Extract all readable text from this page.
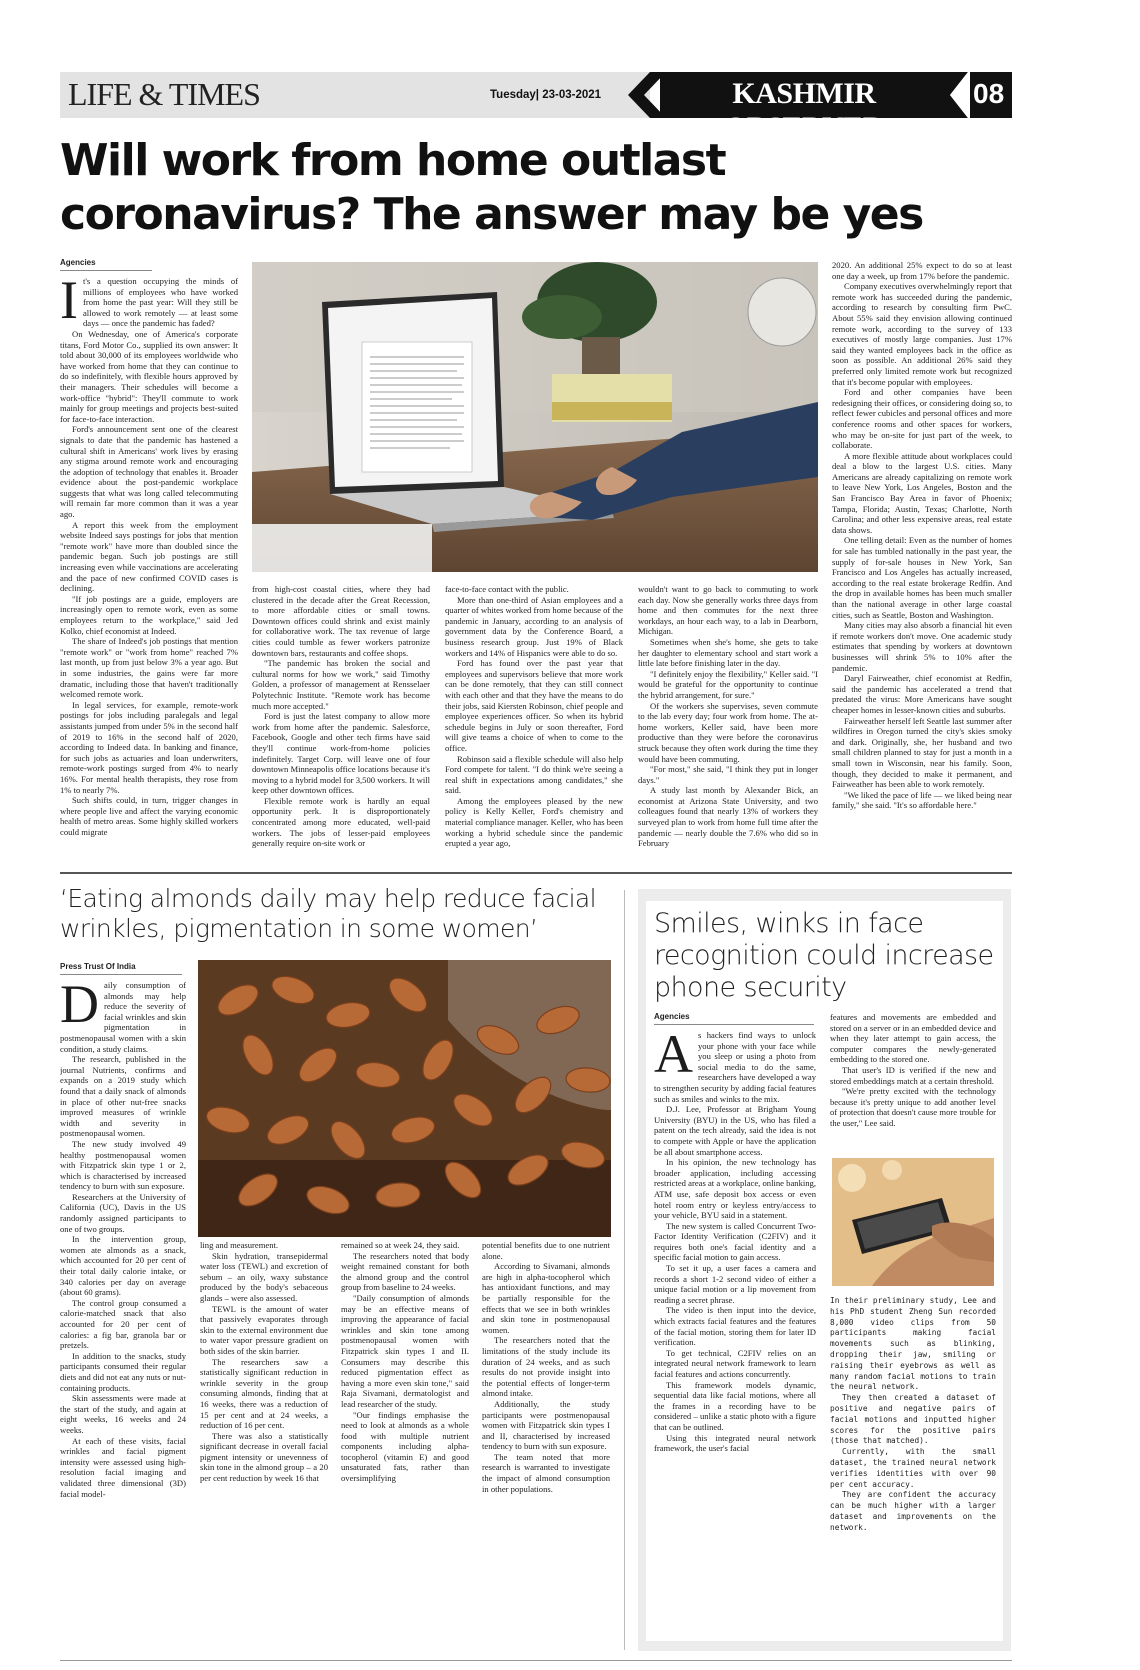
LIFE & TIMES	Tuesday| 23-03-2021	KASHMIR OBSERVER
08
Will work from home outlast
coronavirus? The answer may be yes
Agencies
I t's a question occupying the minds of millions of employees who have worked from home the past year: Will they still be allowed to work remotely — at least some days — once the pandemic has faded?

On Wednesday, one of America's corporate titans, Ford Motor Co., supplied its own answer: It told about 30,000 of its employees worldwide who have worked from home that they can continue to do so indefinitely, with flexible hours approved by their managers. Their schedules will become a work-office "hybrid": They'll commute to work mainly for group meetings and projects best-suited for face-to-face interaction.

Ford's announcement sent one of the clearest signals to date that the pandemic has hastened a cultural shift in Americans' work lives by erasing any stigma around remote work and encouraging the adoption of technology that enables it. Broader evidence about the post-pandemic workplace suggests that what was long called telecommuting will remain far more common than it was a year ago.

A report this week from the employment website Indeed says postings for jobs that mention "remote work" have more than doubled since the pandemic began. Such job postings are still increasing even while vaccinations are accelerating and the pace of new confirmed COVID cases is declining.

"If job postings are a guide, employers are increasingly open to remote work, even as some employees return to the workplace," said Jed Kolko, chief economist at Indeed.

The share of Indeed's job postings that mention "remote work" or "work from home" reached 7% last month, up from just below 3% a year ago. But in some industries, the gains were far more dramatic, including those that haven't traditionally welcomed remote work.

In legal services, for example, remote-work postings for jobs including paralegals and legal assistants jumped from under 5% in the second half of 2019 to 16% in the second half of 2020, according to Indeed data. In banking and finance, for such jobs as actuaries and loan underwriters, remote-work postings surged from 4% to nearly 16%. For mental health therapists, they rose from 1% to nearly 7%.

Such shifts could, in turn, trigger changes in where people live and affect the varying economic health of metro areas. Some highly skilled workers could migrate

from high-cost coastal cities, where they had clustered in the decade after the Great Recession, to more affordable cities or small towns. Downtown offices could shrink and exist mainly for collaborative work. The tax revenue of large cities could tumble as fewer workers patronize downtown bars, restaurants and coffee shops.

"The pandemic has broken the social and cultural norms for how we work," said Timothy Golden, a professor of management at Rensselaer Polytechnic Institute. "Remote work has become much more accepted."

Ford is just the latest company to allow more work from home after the pandemic. Salesforce, Facebook, Google and other tech firms have said they'll continue work-from-home policies indefinitely. Target Corp. will leave one of four downtown Minneapolis office locations because it's moving to a hybrid model for 3,500 workers. It will keep other downtown offices.

Flexible remote work is hardly an equal opportunity perk. It is disproportionately concentrated among more educated, well-paid workers. The jobs of lesser-paid employees generally require on-site work or

face-to-face contact with the public.

More than one-third of Asian employees and a quarter of whites worked from home because of the pandemic in January, according to an analysis of government data by the Conference Board, a business research group. Just 19% of Black workers and 14% of Hispanics were able to do so.

Ford has found over the past year that employees and supervisors believe that more work can be done remotely, that they can still connect with each other and that they have the means to do their jobs, said Kiersten Robinson, chief people and employee experiences officer. So when its hybrid schedule begins in July or soon thereafter, Ford will give teams a choice of when to come to the office.

Robinson said a flexible schedule will also help Ford compete for talent. "I do think we're seeing a real shift in expectations among candidates," she said.

Among the employees pleased by the new policy is Kelly Keller, Ford's chemistry and material compliance manager. Keller, who has been working a hybrid schedule since the pandemic erupted a year ago,

wouldn't want to go back to commuting to work each day. Now she generally works three days from home and then commutes for the next three workdays, an hour each way, to a lab in Dearborn, Michigan.

Sometimes when she's home, she gets to take her daughter to elementary school and start work a little late before finishing later in the day.

"I definitely enjoy the flexibility," Keller said. "I would be grateful for the opportunity to continue the hybrid arrangement, for sure."

Of the workers she supervises, seven commute to the lab every day; four work from home. The at-home workers, Keller said, have been more productive than they were before the coronavirus struck because they often work during the time they would have been commuting.

"For most," she said, "I think they put in longer days."

A study last month by Alexander Bick, an economist at Arizona State University, and two colleagues found that nearly 13% of workers they surveyed plan to work from home full time after the pandemic — nearly double the 7.6% who did so in February

2020. An additional 25% expect to do so at least one day a week, up from 17% before the pandemic.

Company executives overwhelmingly report that remote work has succeeded during the pandemic, according to research by consulting firm PwC. About 55% said they envision allowing continued remote work, according to the survey of 133 executives of mostly large companies. Just 17% said they wanted employees back in the office as soon as possible. An additional 26% said they preferred only limited remote work but recognized that it's become popular with employees.

Ford and other companies have been redesigning their offices, or considering doing so, to reflect fewer cubicles and personal offices and more conference rooms and other spaces for workers, who may be on-site for just part of the week, to collaborate.

A more flexible attitude about workplaces could deal a blow to the largest U.S. cities. Many Americans are already capitalizing on remote work to leave New York, Los Angeles, Boston and the San Francisco Bay Area in favor of Phoenix; Tampa, Florida; Austin, Texas; Charlotte, North Carolina; and other less expensive areas, real estate data shows.

One telling detail: Even as the number of homes for sale has tumbled nationally in the past year, the supply of for-sale houses in New York, San Francisco and Los Angeles has actually increased, according to the real estate brokerage Redfin. And the drop in available homes has been much smaller than the national average in other large coastal cities, such as Seattle, Boston and Washington.

Many cities may also absorb a financial hit even if remote workers don't move. One academic study estimates that spending by workers at downtown businesses will shrink 5% to 10% after the pandemic.

Daryl Fairweather, chief economist at Redfin, said the pandemic has accelerated a trend that predated the virus: More Americans have sought cheaper homes in lesser-known cities and suburbs.

Fairweather herself left Seattle last summer after wildfires in Oregon turned the city's skies smoky and dark. Originally, she, her husband and two small children planned to stay for just a month in a small town in Wisconsin, near his family. Soon, though, they decided to make it permanent, and Fairweather has been able to work remotely.

"We liked the pace of life — we liked being near family," she said. "It's so affordable here."

‘Eating almonds daily may help reduce facial
wrinkles, pigmentation in some women’
Press Trust Of India
D aily consumption of almonds may help reduce the severity of facial wrinkles and skin pigmentation in postmenopausal women with a skin condition, a study claims.

The research, published in the journal Nutrients, confirms and expands on a 2019 study which found that a daily snack of almonds in place of other nut-free snacks improved measures of wrinkle width and severity in postmenopausal women.

The new study involved 49 healthy postmenopausal women with Fitzpatrick skin type 1 or 2, which is characterised by increased tendency to burn with sun exposure.

Researchers at the University of California (UC), Davis in the US randomly assigned participants to one of two groups.

In the intervention group, women ate almonds as a snack, which accounted for 20 per cent of their total daily calorie intake, or 340 calories per day on average (about 60 grams).

The control group consumed a calorie-matched snack that also accounted for 20 per cent of calories: a fig bar, granola bar or pretzels.

In addition to the snacks, study participants consumed their regular diets and did not eat any nuts or nut-containing products.

Skin assessments were made at the start of the study, and again at eight weeks, 16 weeks and 24 weeks.

At each of these visits, facial wrinkles and facial pigment intensity were assessed using high-resolution facial imaging and validated three dimensional (3D) facial model-

ling and measurement.

Skin hydration, transepidermal water loss (TEWL) and excretion of sebum – an oily, waxy substance produced by the body's sebaceous glands – were also assessed.

TEWL is the amount of water that passively evaporates through skin to the external environment due to water vapor pressure gradient on both sides of the skin barrier.

The researchers saw a statistically significant reduction in wrinkle severity in the group consuming almonds, finding that at 16 weeks, there was a reduction of 15 per cent and at 24 weeks, a reduction of 16 per cent.

There was also a statistically significant decrease in overall facial pigment intensity or unevenness of skin tone in the almond group – a 20 per cent reduction by week 16 that

remained so at week 24, they said.

The researchers noted that body weight remained constant for both the almond group and the control group from baseline to 24 weeks.

"Daily consumption of almonds may be an effective means of improving the appearance of facial wrinkles and skin tone among postmenopausal women with Fitzpatrick skin types I and II. Consumers may describe this reduced pigmentation effect as having a more even skin tone," said Raja Sivamani, dermatologist and lead researcher of the study.

"Our findings emphasise the need to look at almonds as a whole food with multiple nutrient components including alpha-tocopherol (vitamin E) and good unsaturated fats, rather than oversimplifying

potential benefits due to one nutrient alone.

According to Sivamani, almonds are high in alpha-tocopherol which has antioxidant functions, and may be partially responsible for the effects that we see in both wrinkles and skin tone in postmenopausal women.

The researchers noted that the limitations of the study include its duration of 24 weeks, and as such results do not provide insight into the potential effects of longer-term almond intake.

Additionally, the study participants were postmenopausal women with Fitzpatrick skin types I and II, characterised by increased tendency to burn with sun exposure.

The team noted that more research is warranted to investigate the impact of almond consumption in other populations.

Smiles, winks in face
recognition could increase
phone security
Agencies
A s hackers find ways to unlock your phone with your face while you sleep or using a photo from social media to do the same, researchers have developed a way to strengthen security by adding facial features such as smiles and winks to the mix.

D.J. Lee, Professor at Brigham Young University (BYU) in the US, who has filed a patent on the tech already, said the idea is not to compete with Apple or have the application be all about smartphone access.

In his opinion, the new technology has broader application, including accessing restricted areas at a workplace, online banking, ATM use, safe deposit box access or even hotel room entry or keyless entry/access to your vehicle, BYU said in a statement.

The new system is called Concurrent Two-Factor Identity Verification (C2FIV) and it requires both one's facial identity and a specific facial motion to gain access.

To set it up, a user faces a camera and records a short 1-2 second video of either a unique facial motion or a lip movement from reading a secret phrase.

The video is then input into the device, which extracts facial features and the features of the facial motion, storing them for later ID verification.

To get technical, C2FIV relies on an integrated neural network framework to learn facial features and actions concurrently.

This framework models dynamic, sequential data like facial motions, where all the frames in a recording have to be considered – unlike a static photo with a figure that can be outlined.

Using this integrated neural network framework, the user's facial

features and movements are embedded and stored on a server or in an embedded device and when they later attempt to gain access, the computer compares the newly-generated embedding to the stored one.

That user's ID is verified if the new and stored embeddings match at a certain threshold.

"We're pretty excited with the technology because it's pretty unique to add another level of protection that doesn't cause more trouble for the user," Lee said.

In their preliminary study, Lee and his PhD student Zheng Sun recorded 8,000 video clips from 50 participants making facial movements such as blinking, dropping their jaw, smiling or raising their eyebrows as well as many random facial motions to train the neural network.

They then created a dataset of positive and negative pairs of facial motions and inputted higher scores for the positive pairs (those that matched).

Currently, with the small dataset, the trained neural network verifies identities with over 90 per cent accuracy.

They are confident the accuracy can be much higher with a larger dataset and improvements on the network.
